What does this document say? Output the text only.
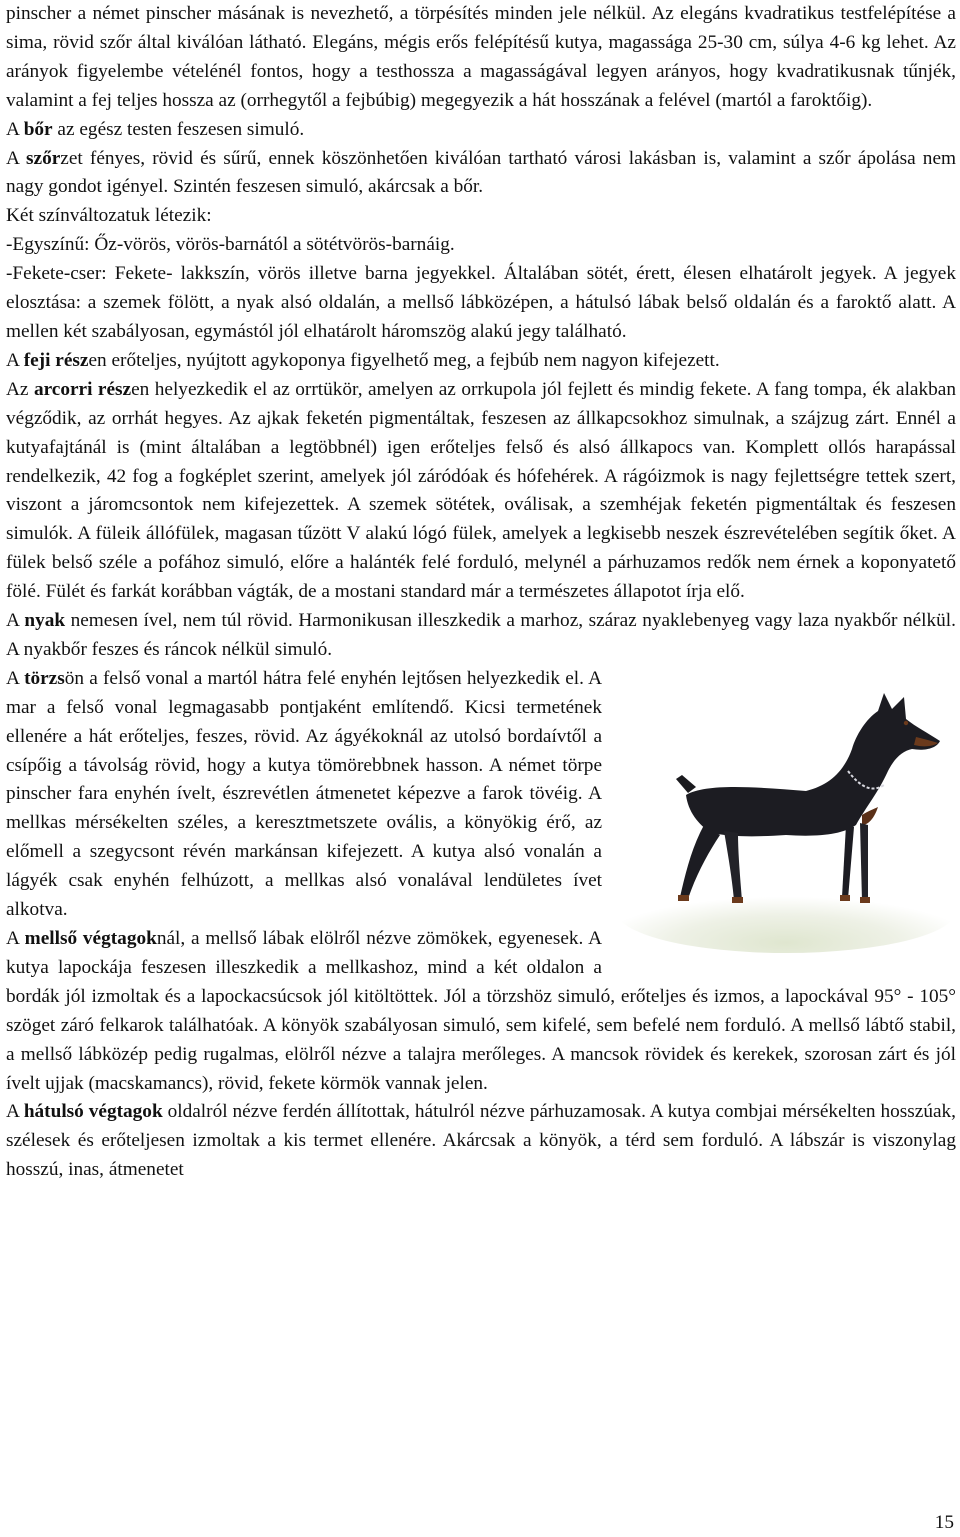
pinscher a német pinscher másának is nevezhető, a törpésítés minden jele nélkül. Az elegáns kvadratikus testfelépítése a sima, rövid szőr által kiválóan látható. Elegáns, mégis erős felépítésű kutya, magassága 25-30 cm, súlya 4-6 kg lehet. Az arányok figyelembe vételénél fontos, hogy a testhossza a magasságával legyen arányos, hogy kvadratikusnak tűnjék, valamint a fej teljes hossza az (orrhegytől a fejbúbig) megegyezik a hát hosszának a felével (martól a faroktőig).

A bőr az egész testen feszesen simuló.

A szőrzet fényes, rövid és sűrű, ennek köszönhetően kiválóan tartható városi lakásban is, valamint a szőr ápolása nem nagy gondot igényel. Szintén feszesen simuló, akárcsak a bőr.

Két színváltozatuk létezik:

-Egyszínű: Őz-vörös, vörös-barnától a sötétvörös-barnáig.

-Fekete-cser: Fekete- lakkszín, vörös illetve barna jegyekkel. Általában sötét, érett, élesen elhatárolt jegyek. A jegyek elosztása: a szemek fölött, a nyak alsó oldalán, a mellső lábközépen, a hátulsó lábak belső oldalán és a faroktő alatt. A mellen két szabályosan, egymástól jól elhatárolt háromszög alakú jegy található.

A feji részen erőteljes, nyújtott agykoponya figyelhető meg, a fejbúb nem nagyon kifejezett.

Az arcorri részen helyezkedik el az orrtükör, amelyen az orrkupola jól fejlett és mindig fekete. A fang tompa, ék alakban végződik, az orrhát hegyes. Az ajkak feketén pigmentáltak, feszesen az állkapcsokhoz simulnak, a szájzug zárt. Ennél a kutyafajtánál is (mint általában a legtöbbnél) igen erőteljes felső és alsó állkapocs van. Komplett ollós harapással rendelkezik, 42 fog a fogképlet szerint, amelyek jól záródóak és hófehérek. A rágóizmok is nagy fejlettségre tettek szert, viszont a járomcsontok nem kifejezettek. A szemek sötétek, oválisak, a szemhéjak feketén pigmentáltak és feszesen simulók. A füleik állófülek, magasan tűzött V alakú lógó fülek, amelyek a legkisebb neszek észrevételében segítik őket. A fülek belső széle a pofához simuló, előre a halánték felé forduló, melynél a párhuzamos redők nem érnek a koponyatető fölé. Fülét és farkát korábban vágták, de a mostani standard már a természetes állapotot írja elő.

A nyak nemesen ível, nem túl rövid. Harmonikusan illeszkedik a marhoz, száraz nyaklebenyeg vagy laza nyakbőr nélkül. A nyakbőr feszes és ráncok nélkül simuló.

A törzsön a felső vonal a martól hátra felé enyhén lejtősen helyezkedik el. A mar a felső vonal legmagasabb pontjaként említendő. Kicsi termetének ellenére a hát erőteljes, feszes, rövid. Az ágyékoknál az utolsó bordaívtől a csípőig a távolság rövid, hogy a kutya tömörebbnek hasson. A német törpe pinscher fara enyhén ívelt, észrevétlen átmenetet képezve a farok tövéig. A mellkas mérsékelten széles, a keresztmetszete ovális, a könyökig érő, az előmell a szegycsont révén markánsan kifejezett. A kutya alsó vonalán a lágyék csak enyhén felhúzott, a mellkas alsó vonalával lendületes ívet alkotva.

A mellső végtagoknál, a mellső lábak elölről nézve zömökek, egyenesek. A kutya lapockája feszesen illeszkedik a mellkashoz, mind a két oldalon a bordák jól izmoltak és a lapockacsúcsok jól kitöltöttek. Jól a törzshöz simuló, erőteljes és izmos, a lapockával 95° - 105° szöget záró felkarok találhatóak. A könyök szabályosan simuló, sem kifelé, sem befelé nem forduló. A mellső lábtő stabil, a mellső lábközép pedig rugalmas, elölről nézve a talajra merőleges. A mancsok rövidek és kerekek, szorosan zárt és jól ívelt ujjak (macskamancs), rövid, fekete körmök vannak jelen.

A hátulsó végtagok oldalról nézve ferdén állítottak, hátulról nézve párhuzamosak. A kutya combjai mérsékelten hosszúak, szélesek és erőteljesen izmoltak a kis termet ellenére. Akárcsak a könyök, a térd sem forduló. A lábszár is viszonylag hosszú, inas, átmenetet

15
